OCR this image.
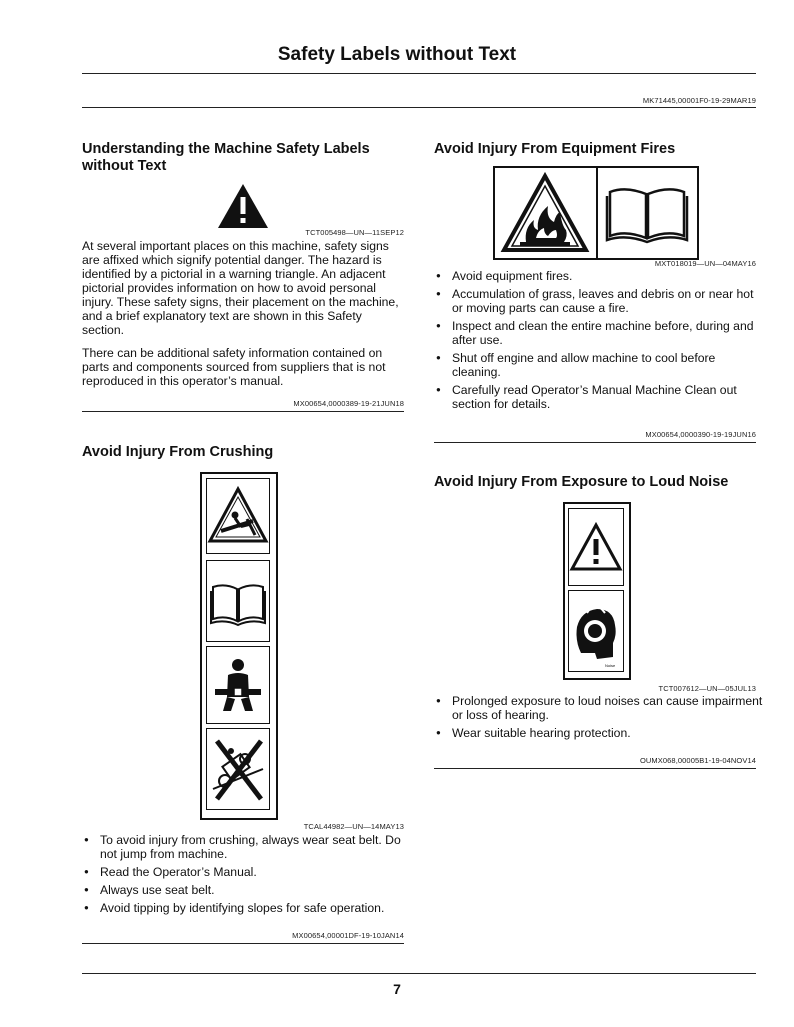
Safety Labels without Text
MK71445,00001F0-19-29MAR19
Understanding the Machine Safety Labels without Text
TCT005498—UN—11SEP12

At several important places on this machine, safety signs are affixed which signify potential danger. The hazard is identified by a pictorial in a warning triangle. An adjacent pictorial provides information on how to avoid personal injury. These safety signs, their placement on the machine, and a brief explanatory text are shown in this Safety section.

There can be additional safety information contained on parts and components sourced from suppliers that is not reproduced in this operator’s manual.

MX00654,0000389-19-21JUN18
Avoid Injury From Crushing
TCAL44982—UN—14MAY13
● To avoid injury from crushing, always wear seat belt. Do not jump from machine.
● Read the Operator’s Manual.
● Always use seat belt.
● Avoid tipping by identifying slopes for safe operation.
MX00654,00001DF-19-10JAN14
Avoid Injury From Equipment Fires
MXT018019—UN—04MAY16
● Avoid equipment fires.
● Accumulation of grass, leaves and debris on or near hot or moving parts can cause a fire.
● Inspect and clean the entire machine before, during and after use.
● Shut off engine and allow machine to cool before cleaning.
● Carefully read Operator’s Manual Machine Clean out section for details.
MX00654,0000390-19-19JUN16
Avoid Injury From Exposure to Loud Noise
Noise
TCT007612—UN—05JUL13
● Prolonged exposure to loud noises can cause impairment or loss of hearing.
● Wear suitable hearing protection.
OUMX068,00005B1-19-04NOV14
7
